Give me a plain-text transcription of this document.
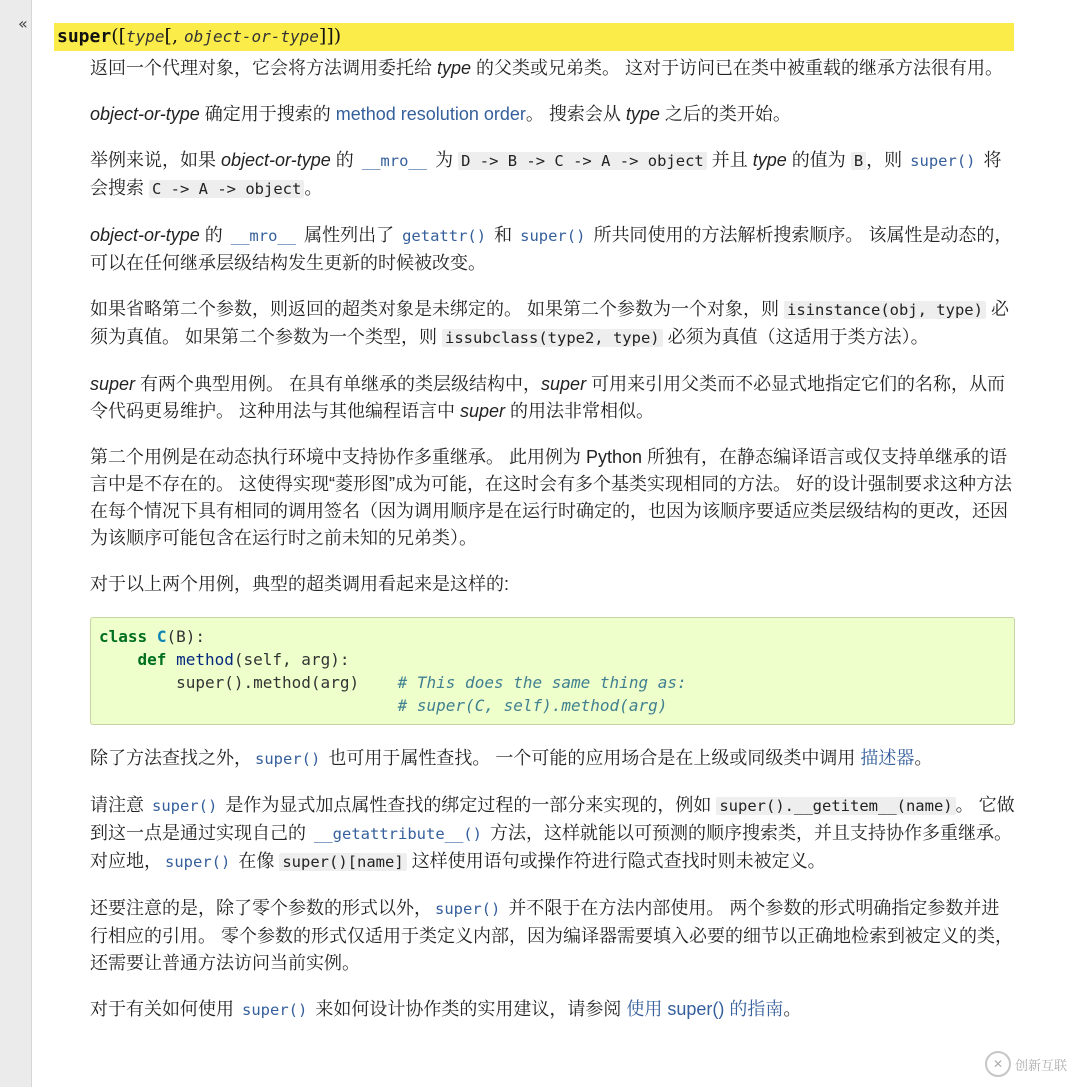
«
super([type[, object-or-type]])

返回一个代理对象，它会将方法调用委托给 type 的父类或兄弟类。 这对于访问已在类中被重载的继承方法很有用。

object-or-type 确定用于搜索的 method resolution order。 搜索会从 type 之后的类开始。

举例来说，如果 object-or-type 的 __mro__ 为 D -> B -> C -> A -> object 并且 type 的值为 B ，则 super() 将会搜索 C -> A -> object 。

object-or-type 的 __mro__ 属性列出了 getattr() 和 super() 所共同使用的方法解析搜索顺序。 该属性是动态的，可以在任何继承层级结构发生更新的时候被改变。

如果省略第二个参数，则返回的超类对象是未绑定的。 如果第二个参数为一个对象，则 isinstance(obj, type) 必须为真值。 如果第二个参数为一个类型，则 issubclass(type2, type) 必须为真值（这适用于类方法）。

super 有两个典型用例。 在具有单继承的类层级结构中，super 可用来引用父类而不必显式地指定它们的名称，从而令代码更易维护。 这种用法与其他编程语言中 super 的用法非常相似。

第二个用例是在动态执行环境中支持协作多重继承。 此用例为 Python 所独有，在静态编译语言或仅支持单继承的语言中是不存在的。 这使得实现“菱形图”成为可能，在这时会有多个基类实现相同的方法。 好的设计强制要求这种方法在每个情况下具有相同的调用签名（因为调用顺序是在运行时确定的，也因为该顺序要适应类层级结构的更改，还因为该顺序可能包含在运行时之前未知的兄弟类）。

对于以上两个用例，典型的超类调用看起来是这样的:

class C(B):
def method(self, arg):
super().method(arg) # This does the same thing as:
# super(C, self).method(arg)

除了方法查找之外， super() 也可用于属性查找。 一个可能的应用场合是在上级或同级类中调用 描述器。

请注意 super() 是作为显式加点属性查找的绑定过程的一部分来实现的，例如 super().__getitem__(name) 。 它做到这一点是通过实现自己的 __getattribute__() 方法，这样就能以可预测的顺序搜索类，并且支持协作多重继承。 对应地， super() 在像 super()[name] 这样使用语句或操作符进行隐式查找时则未被定义。

还要注意的是，除了零个参数的形式以外， super() 并不限于在方法内部使用。 两个参数的形式明确指定参数并进行相应的引用。 零个参数的形式仅适用于类定义内部，因为编译器需要填入必要的细节以正确地检索到被定义的类，还需要让普通方法访问当前实例。

对于有关如何使用 super() 来如何设计协作类的实用建议，请参阅 使用 super() 的指南。

✕ 创新互联
